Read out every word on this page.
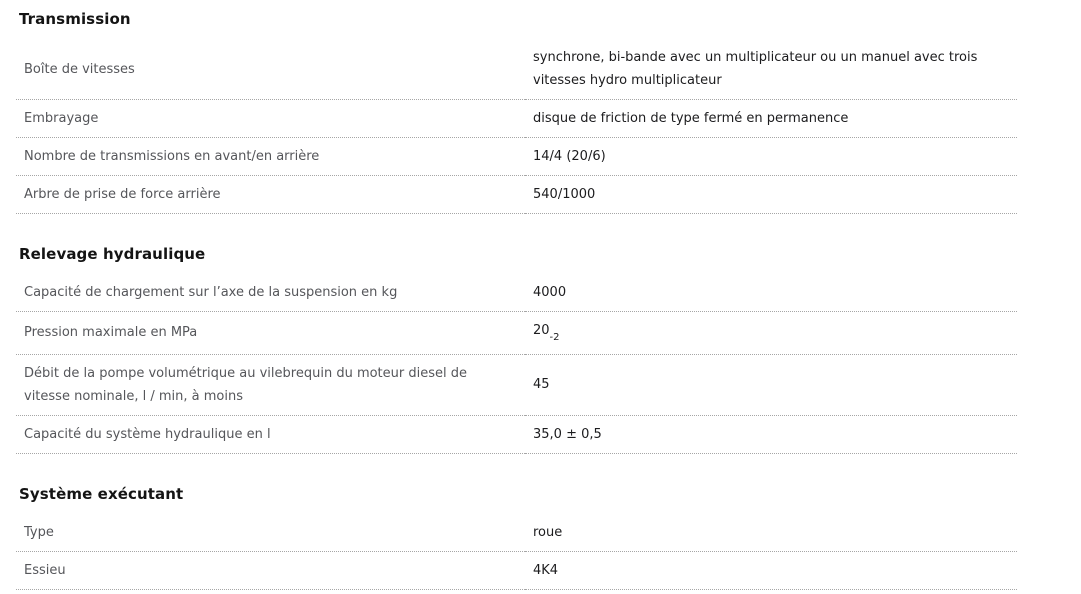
Transmission
Boîte de vitesses	synchrone, bi-bande avec un multiplicateur ou un manuel avec trois vitesses hydro multiplicateur
Embrayage	disque de friction de type fermé en permanence
Nombre de transmissions en avant/en arrière	14/4 (20/6)
Arbre de prise de force arrière	540/1000
Relevage hydraulique
Capacité de chargement sur l’axe de la suspension en kg	4000
Pression maximale en MPa	$20_{-2}$
Débit de la pompe volumétrique au vilebrequin du moteur diesel de vitesse nominale, l / min, à moins	45
Capacité du système hydraulique en l	35,0 ± 0,5
Système exécutant
Type	roue
Essieu	4K4
